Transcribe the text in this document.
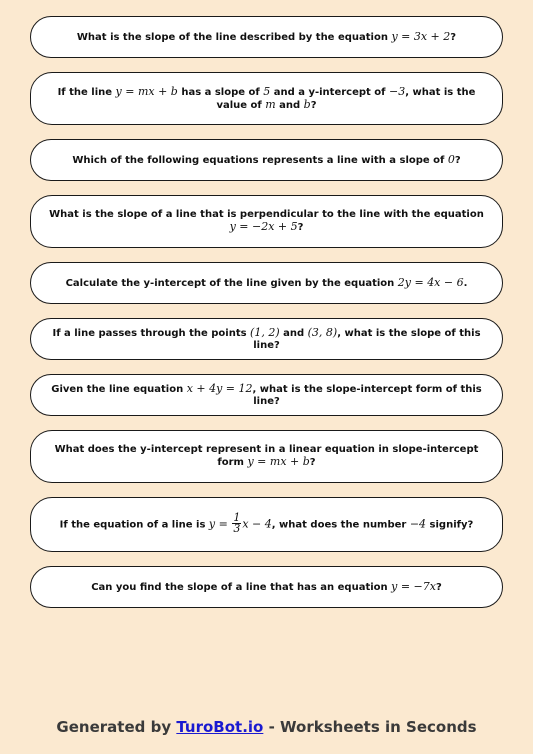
What is the slope of the line described by the equation y = 3x + 2?
If the line y = mx + b has a slope of 5 and a y-intercept of −3, what is the value of m and b?
Which of the following equations represents a line with a slope of 0?
What is the slope of a line that is perpendicular to the line with the equation y = −2x + 5?
Calculate the y-intercept of the line given by the equation 2y = 4x − 6.
If a line passes through the points (1, 2) and (3, 8), what is the slope of this line?
Given the line equation x + 4y = 12, what is the slope-intercept form of this line?
What does the y-intercept represent in a linear equation in slope-intercept form y = mx + b?
If the equation of a line is $y = \frac{1}{3}$ x − 4, what does the number −4 signify?
Can you find the slope of a line that has an equation y = −7x?
Generated by TuroBot.io - Worksheets in Seconds
